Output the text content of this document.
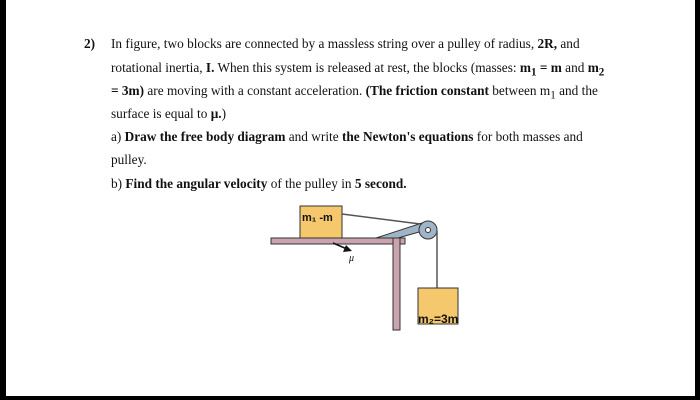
2) In figure, two blocks are connected by a massless string over a pulley of radius, 2R, and
rotational inertia, I. When this system is released at rest, the blocks (masses: $m_1 = m$ and $m_2$
= 3m) are moving with a constant acceleration. (The friction constant between $m_1$ and the
surface is equal to μ.)
a) Draw the free body diagram and write the Newton's equations for both masses and
pulley.
b) Find the angular velocity of the pulley in 5 second.
m₁ -m
m₂=3m
μ
